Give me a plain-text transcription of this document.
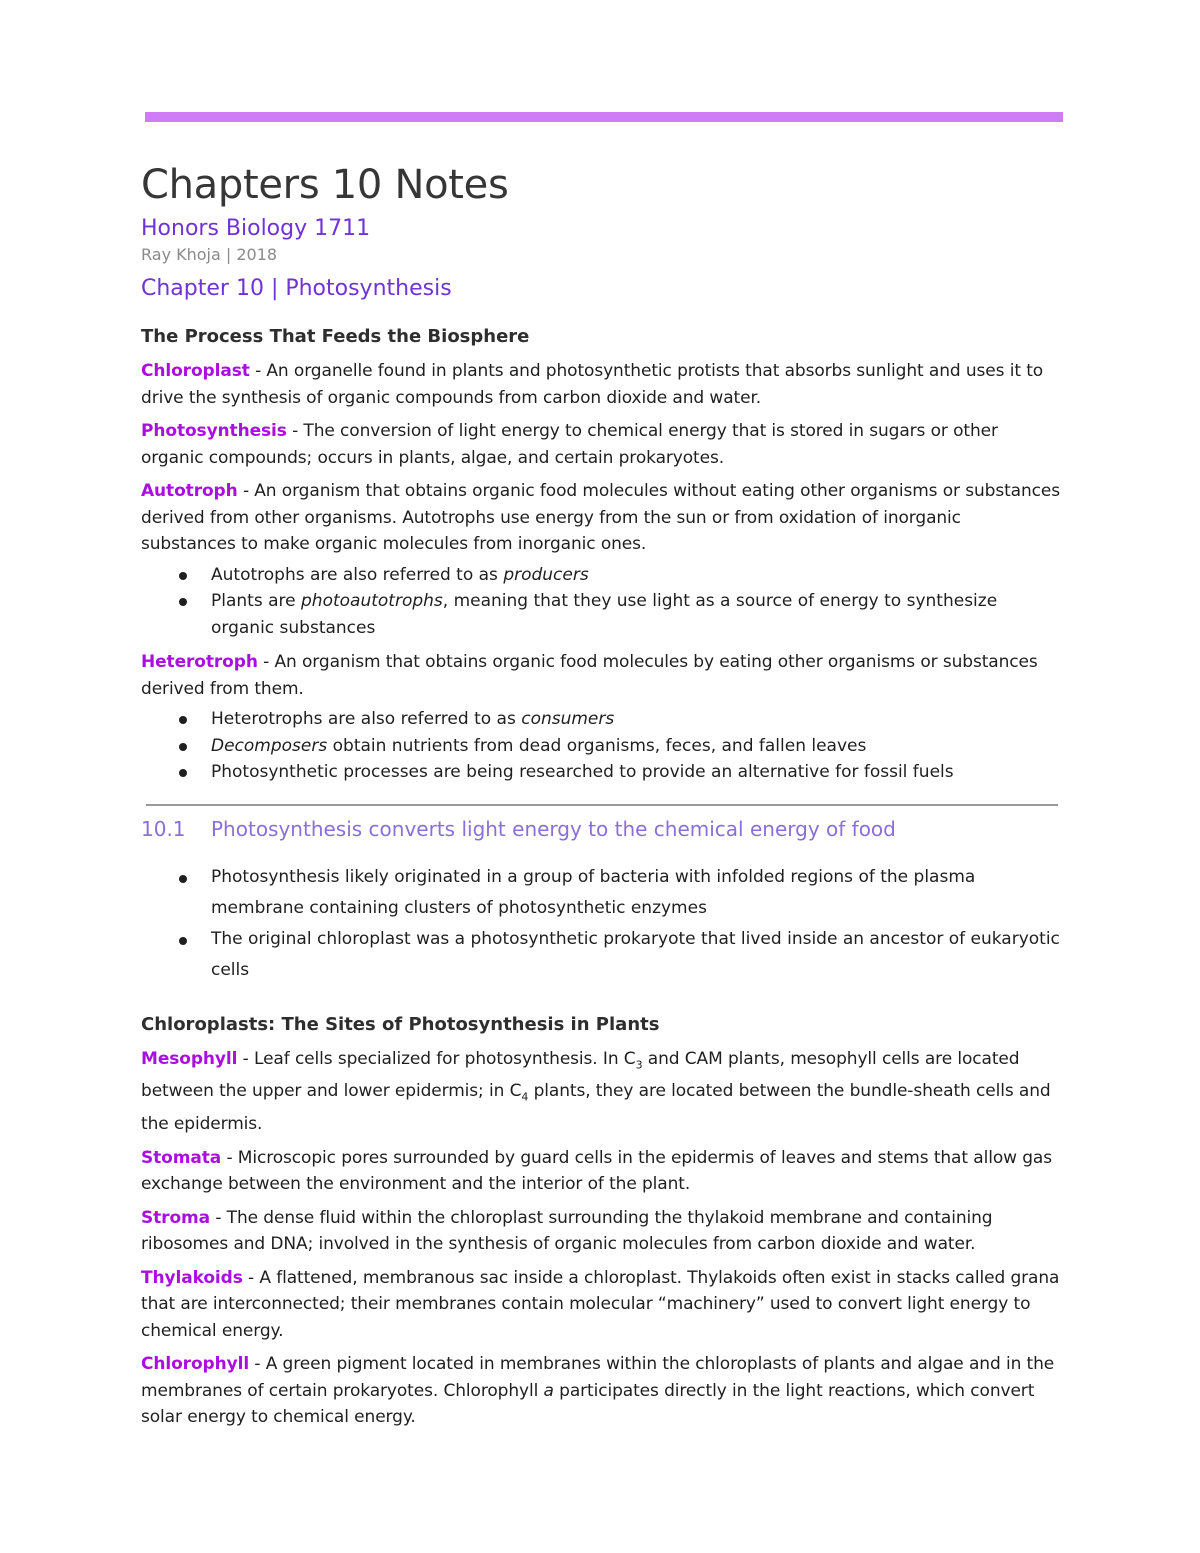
Chapters 10 Notes
Honors Biology 1711
Ray Khoja | 2018
Chapter 10 | Photosynthesis
The Process That Feeds the Biosphere

Chloroplast - An organelle found in plants and photosynthetic protists that absorbs sunlight and uses it to drive the synthesis of organic compounds from carbon dioxide and water.

Photosynthesis - The conversion of light energy to chemical energy that is stored in sugars or other organic compounds; occurs in plants, algae, and certain prokaryotes.

Autotroph - An organism that obtains organic food molecules without eating other organisms or substances derived from other organisms. Autotrophs use energy from the sun or from oxidation of inorganic substances to make organic molecules from inorganic ones.

Autotrophs are also referred to as producers
Plants are photoautotrophs, meaning that they use light as a source of energy to synthesize organic substances

Heterotroph - An organism that obtains organic food molecules by eating other organisms or substances derived from them.

Heterotrophs are also referred to as consumers
Decomposers obtain nutrients from dead organisms, feces, and fallen leaves
Photosynthetic processes are being researched to provide an alternative for fossil fuels
10.1	Photosynthesis converts light energy to the chemical energy of food
Photosynthesis likely originated in a group of bacteria with infolded regions of the plasma membrane containing clusters of photosynthetic enzymes
The original chloroplast was a photosynthetic prokaryote that lived inside an ancestor of eukaryotic cells
Chloroplasts: The Sites of Photosynthesis in Plants

Mesophyll - Leaf cells specialized for photosynthesis. In $C_3$ and CAM plants, mesophyll cells are located between the upper and lower epidermis; in $C_4$ plants, they are located between the bundle-sheath cells and the epidermis.

Stomata - Microscopic pores surrounded by guard cells in the epidermis of leaves and stems that allow gas exchange between the environment and the interior of the plant.

Stroma - The dense fluid within the chloroplast surrounding the thylakoid membrane and containing ribosomes and DNA; involved in the synthesis of organic molecules from carbon dioxide and water.

Thylakoids - A flattened, membranous sac inside a chloroplast. Thylakoids often exist in stacks called grana that are interconnected; their membranes contain molecular “machinery” used to convert light energy to chemical energy.

Chlorophyll - A green pigment located in membranes within the chloroplasts of plants and algae and in the membranes of certain prokaryotes. Chlorophyll a participates directly in the light reactions, which convert solar energy to chemical energy.
